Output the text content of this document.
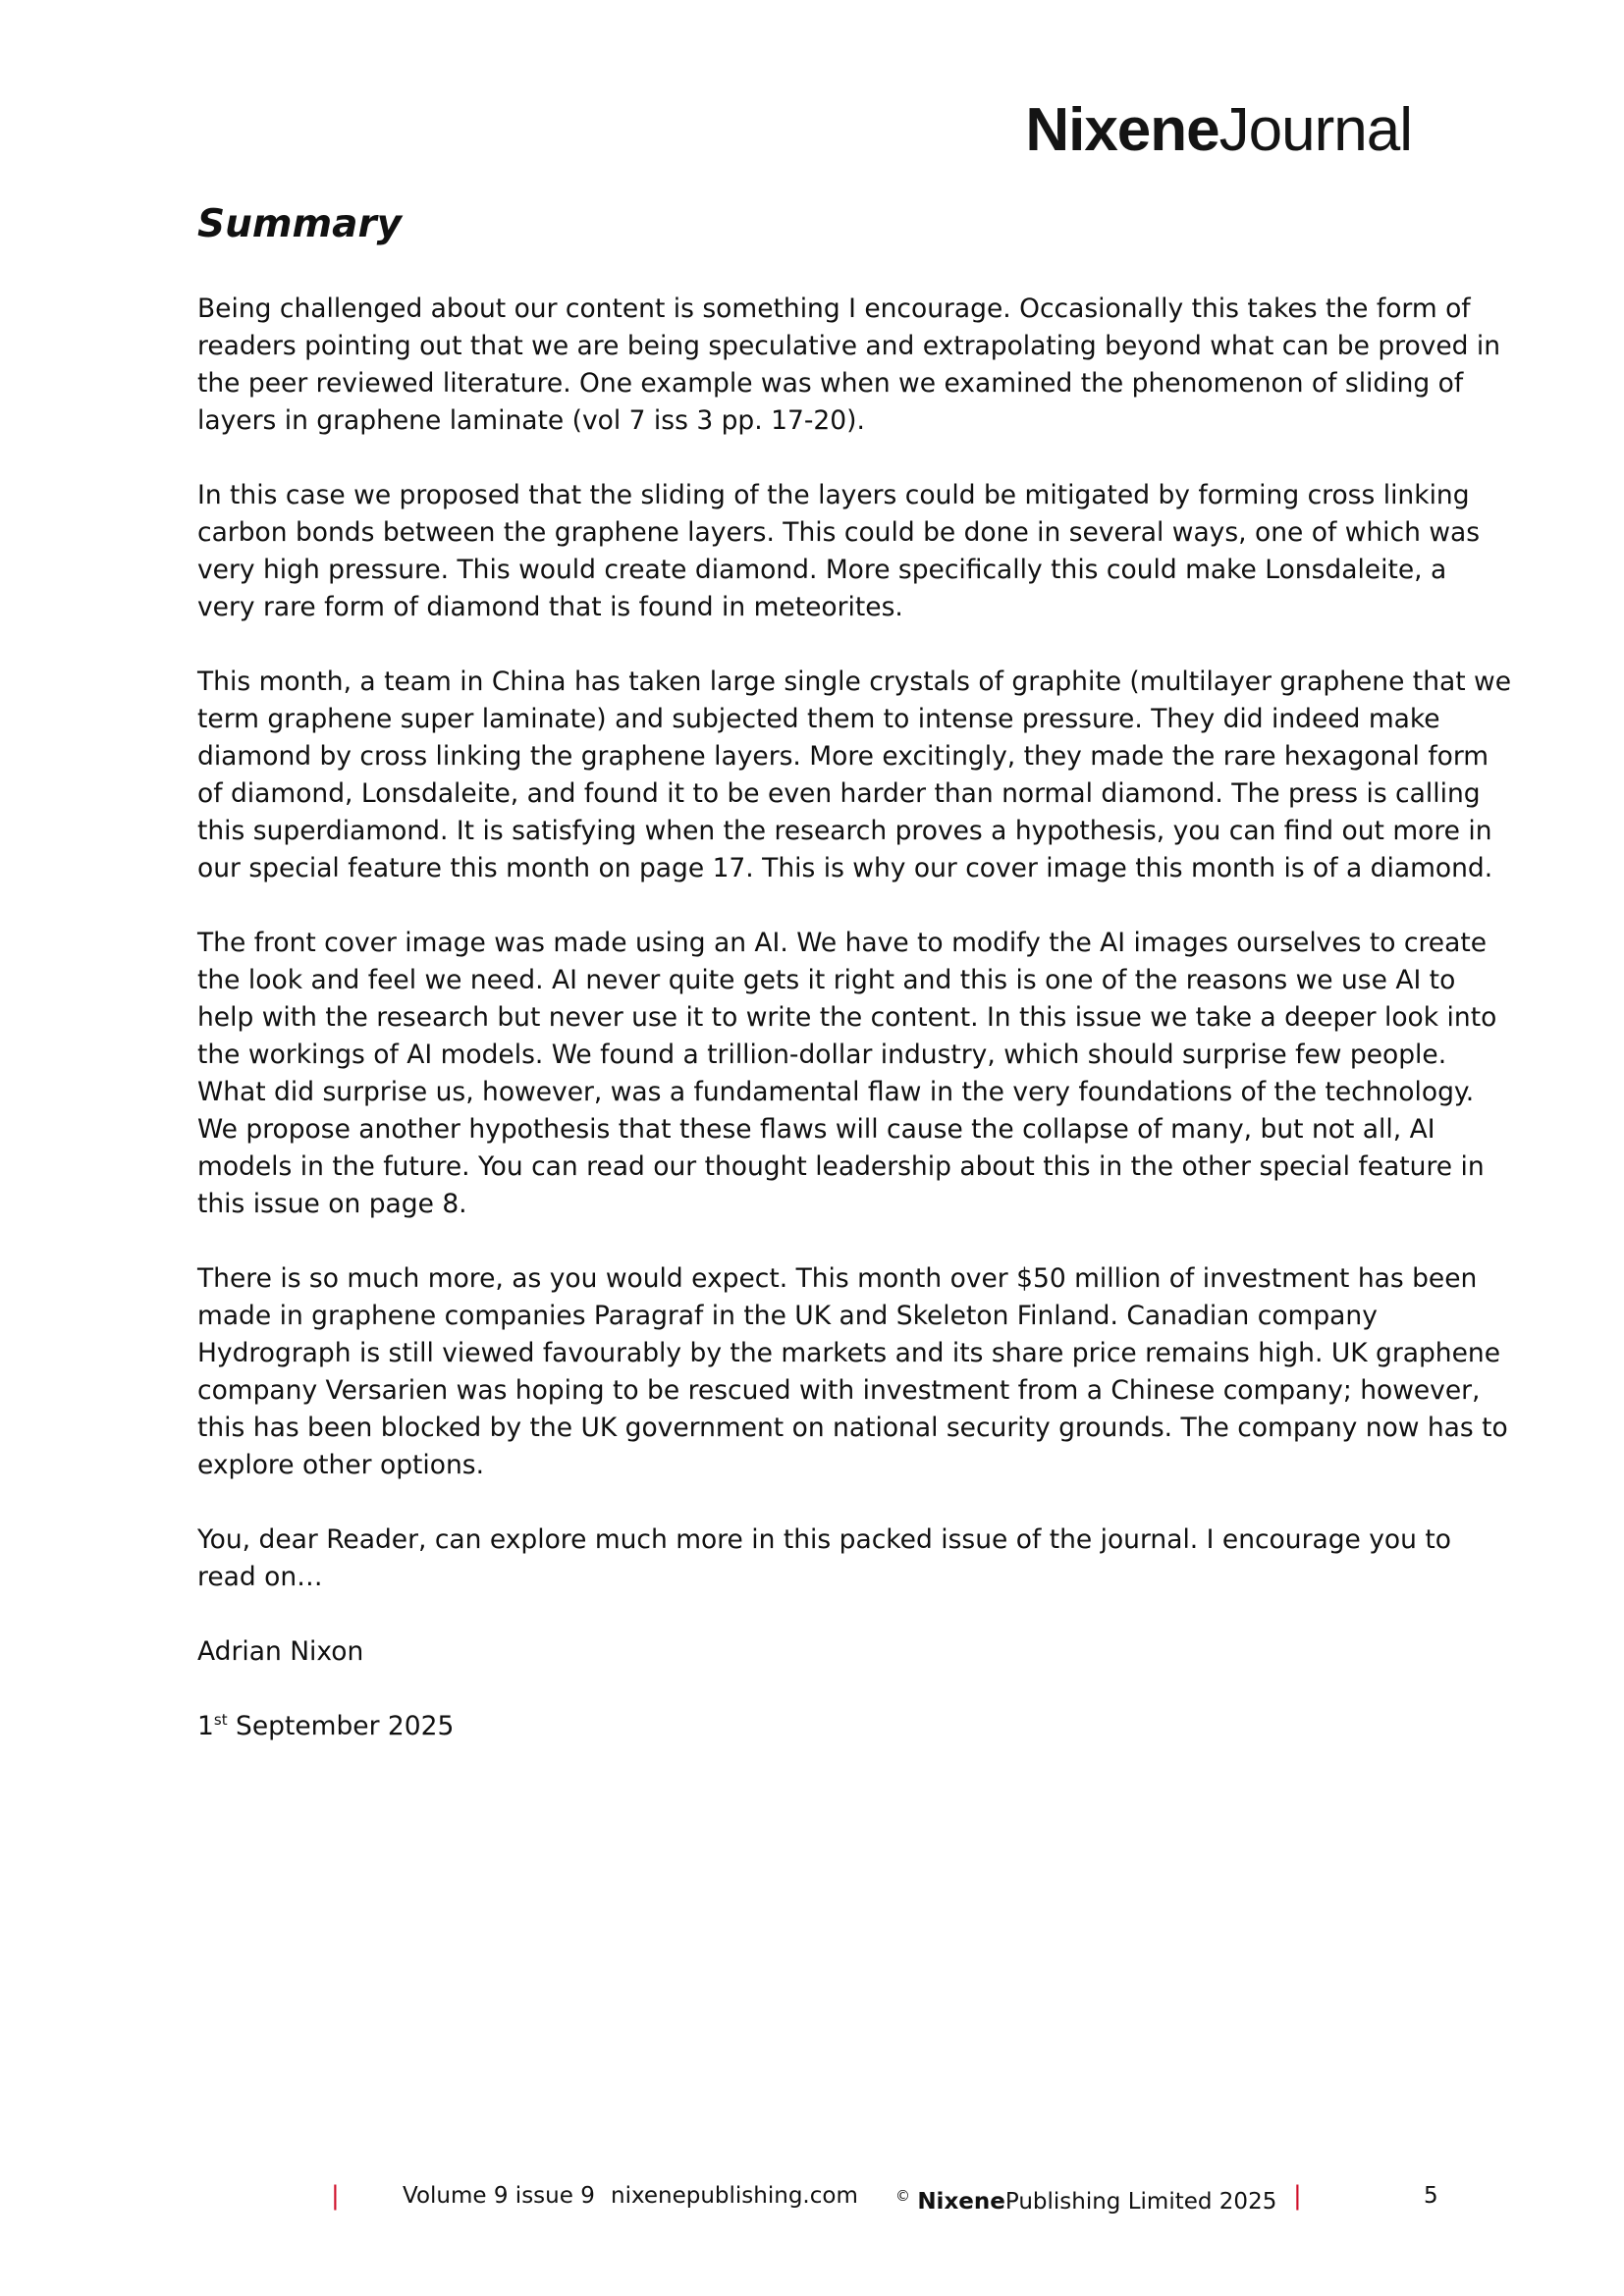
NixeneJournal
Summary

Being challenged about our content is something I encourage. Occasionally this takes the form of
readers pointing out that we are being speculative and extrapolating beyond what can be proved in
the peer reviewed literature. One example was when we examined the phenomenon of sliding of
layers in graphene laminate (vol 7 iss 3 pp. 17-20).

In this case we proposed that the sliding of the layers could be mitigated by forming cross linking
carbon bonds between the graphene layers. This could be done in several ways, one of which was
very high pressure. This would create diamond. More specifically this could make Lonsdaleite, a
very rare form of diamond that is found in meteorites.

This month, a team in China has taken large single crystals of graphite (multilayer graphene that we
term graphene super laminate) and subjected them to intense pressure. They did indeed make
diamond by cross linking the graphene layers. More excitingly, they made the rare hexagonal form
of diamond, Lonsdaleite, and found it to be even harder than normal diamond. The press is calling
this superdiamond. It is satisfying when the research proves a hypothesis, you can find out more in
our special feature this month on page 17. This is why our cover image this month is of a diamond.

The front cover image was made using an AI. We have to modify the AI images ourselves to create
the look and feel we need. AI never quite gets it right and this is one of the reasons we use AI to
help with the research but never use it to write the content. In this issue we take a deeper look into
the workings of AI models. We found a trillion-dollar industry, which should surprise few people.
What did surprise us, however, was a fundamental flaw in the very foundations of the technology.
We propose another hypothesis that these flaws will cause the collapse of many, but not all, AI
models in the future. You can read our thought leadership about this in the other special feature in
this issue on page 8.

There is so much more, as you would expect. This month over $50 million of investment has been
made in graphene companies Paragraf in the UK and Skeleton Finland. Canadian company
Hydrograph is still viewed favourably by the markets and its share price remains high. UK graphene
company Versarien was hoping to be rescued with investment from a Chinese company; however,
this has been blocked by the UK government on national security grounds. The company now has to
explore other options.

You, dear Reader, can explore much more in this packed issue of the journal. I encourage you to
read on…

Adrian Nixon

1st September 2025

|	Volume 9 issue 9 nixenepublishing.com	© NixenePublishing Limited 2025 |	5
